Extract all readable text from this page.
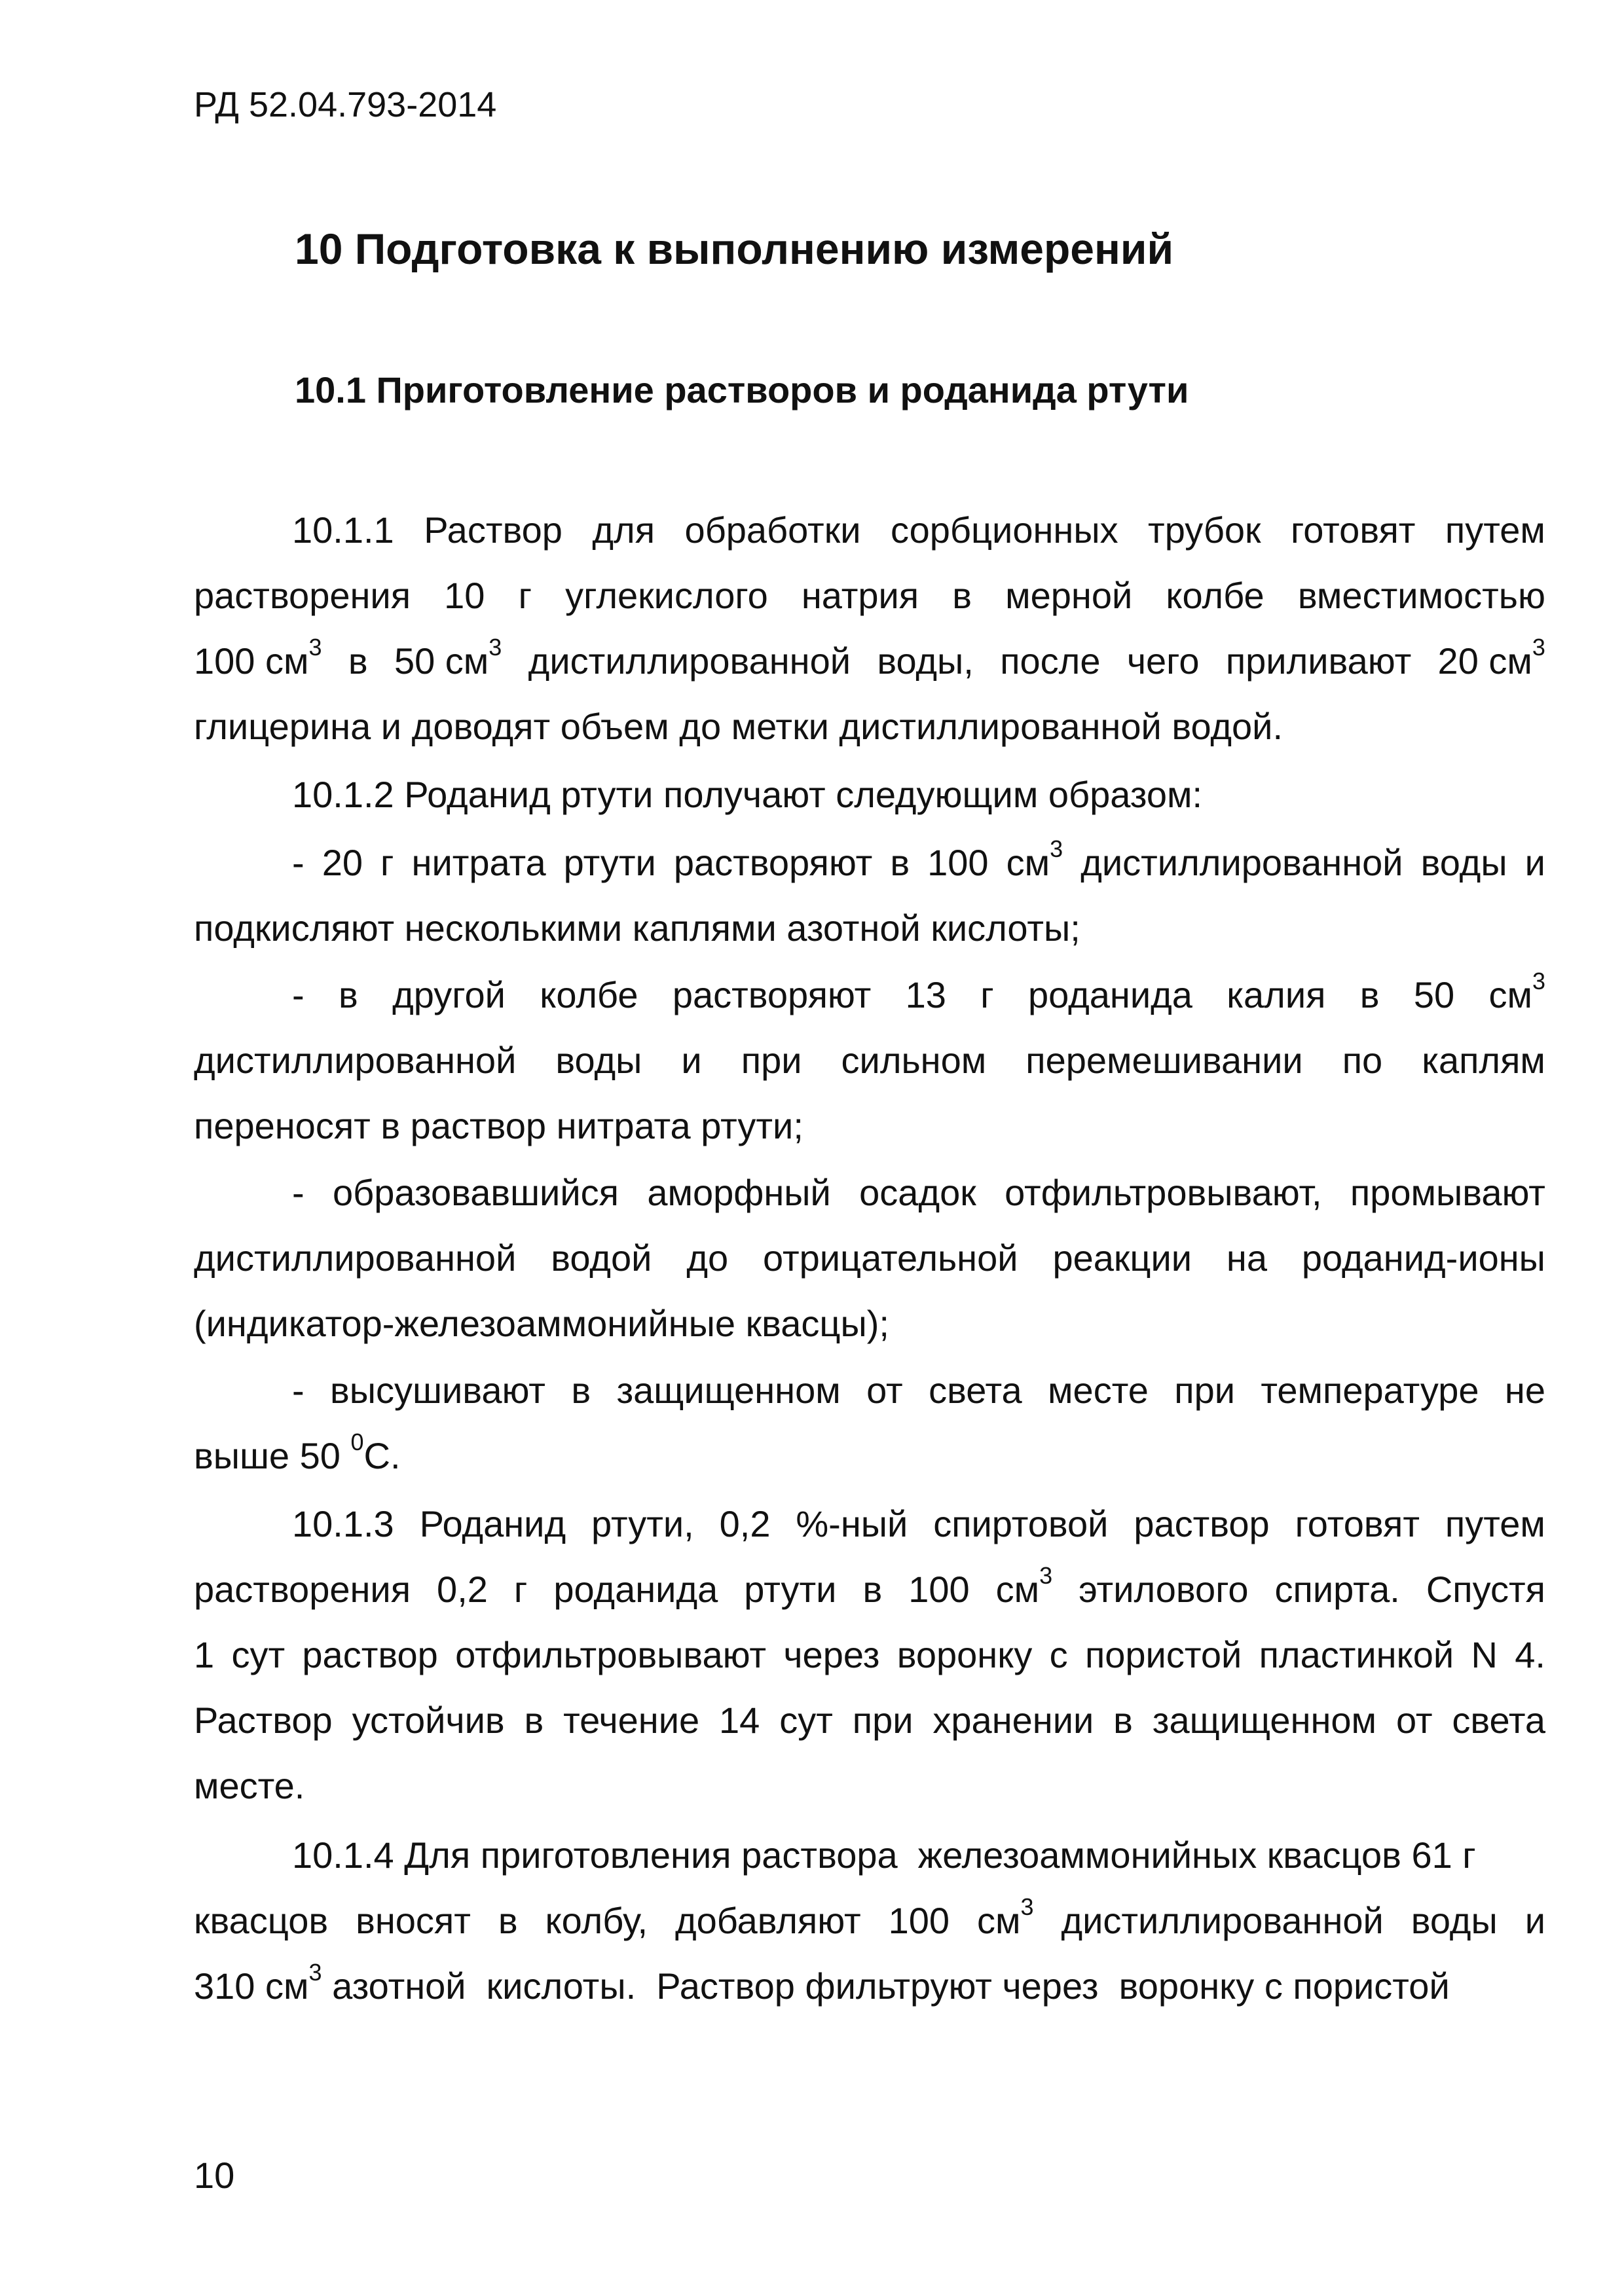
РД 52.04.793-2014
10 Подготовка к выполнению измерений
10.1 Приготовление растворов и роданида ртути
10.1.1 Раствор для обработки сорбционных трубок готовят путем
растворения 10 г углекислого натрия в мерной колбе вместимостью
100 $см^3$ в 50 $см^3$ дистиллированной воды, после чего приливают 20 $см^3$
глицерина и доводят объем до метки дистиллированной водой.
10.1.2 Роданид ртути получают следующим образом:
- 20 г нитрата ртути растворяют в 100 $см^3$ дистиллированной воды и
подкисляют несколькими каплями азотной кислоты;
- в другой колбе растворяют 13 г роданида калия в 50 $см^3$
дистиллированной воды и при сильном перемешивании по каплям
переносят в раствор нитрата ртути;
- образовавшийся аморфный осадок отфильтровывают, промывают
дистиллированной водой до отрицательной реакции на роданид-ионы
(индикатор-железоаммонийные квасцы);
- высушивают в защищенном от света месте при температуре не
выше 50 $^0$С.
10.1.3 Роданид ртути, 0,2 %-ный спиртовой раствор готовят путем
растворения 0,2 г роданида ртути в 100 $см^3$ этилового спирта. Спустя
1 сут раствор отфильтровывают через воронку с пористой пластинкой N 4.
Раствор устойчив в течение 14 сут при хранении в защищенном от света
месте.
10.1.4 Для приготовления раствора  железоаммонийных квасцов 61 г
квасцов вносят в колбу, добавляют 100 $см^3$ дистиллированной воды и
310 $см^3$ азотной  кислоты.  Раствор фильтруют через  воронку с пористой
10
